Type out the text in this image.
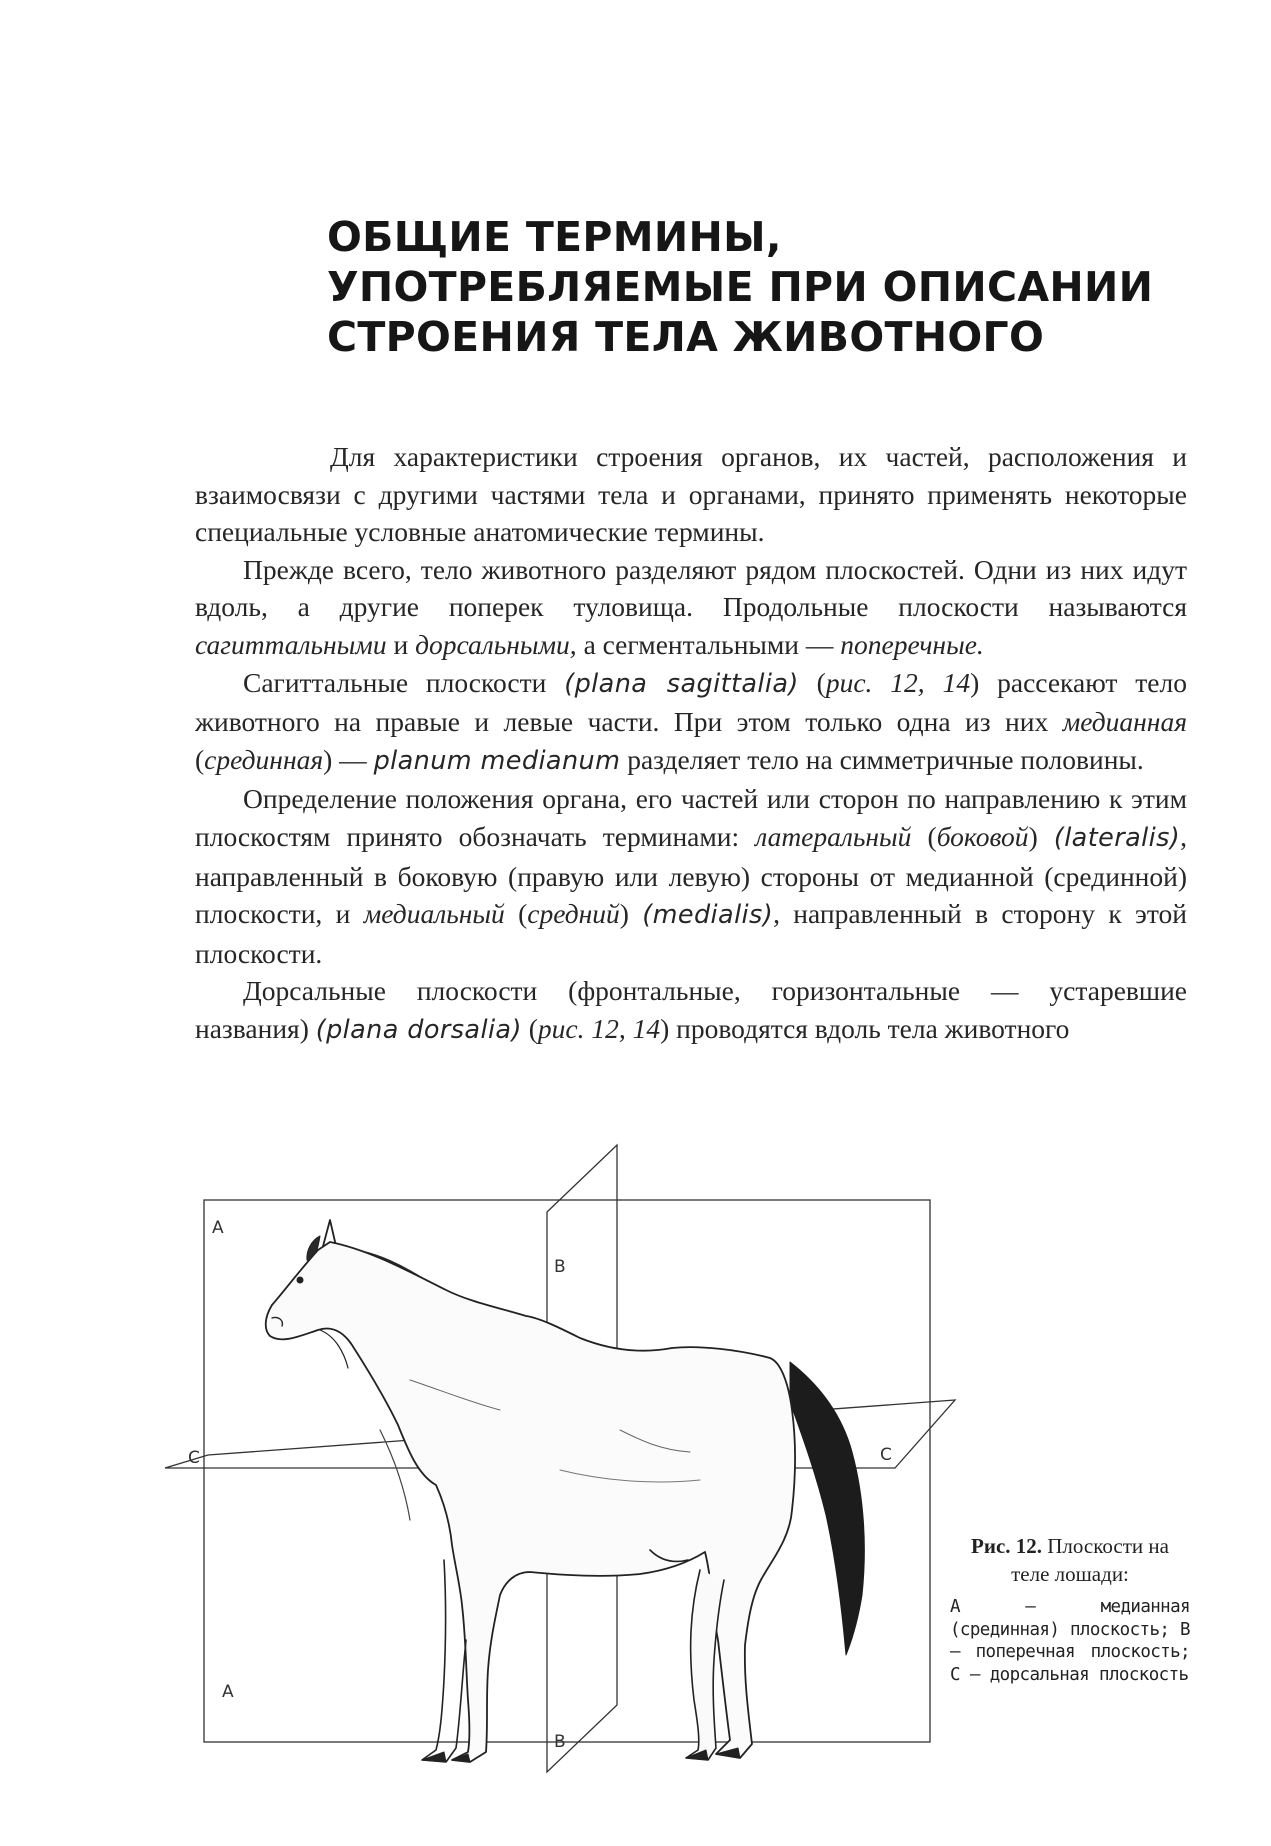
ОБЩИЕ ТЕРМИНЫ,
УПОТРЕБЛЯЕМЫЕ ПРИ ОПИСАНИИ
СТРОЕНИЯ ТЕЛА ЖИВОТНОГО

Для характеристики строения органов, их частей, расположения и взаимосвязи с другими частями тела и органами, принято применять некоторые специальные условные анатомические термины.

Прежде всего, тело животного разделяют рядом плоскостей. Одни из них идут вдоль, а другие поперек туловища. Продольные плоскости называются сагиттальными и дорсальными, а сегментальными — поперечные.

Сагиттальные плоскости (plana sagittalia) (рис. 12, 14) рассекают тело животного на правые и левые части. При этом только одна из них медианная (срединная) — planum medianum разделяет тело на симметричные половины.

Определение положения органа, его частей или сторон по направлению к этим плоскостям принято обозначать терминами: латеральный (боковой) (lateralis), направленный в боковую (правую или левую) стороны от медианной (срединной) плоскости, и медиальный (средний) (medialis), направленный в сторону к этой плоскости.

Дорсальные плоскости (фронтальные, горизонтальные — устаревшие названия) (plana dorsalia) (рис. 12, 14) проводятся вдоль тела животного

A
A
B
B
C	C

Рис. 12. Плоскости на теле лошади:

А — медианная (срединная) плоскость; В — поперечная плоскость; С — дорсальная плоскость
